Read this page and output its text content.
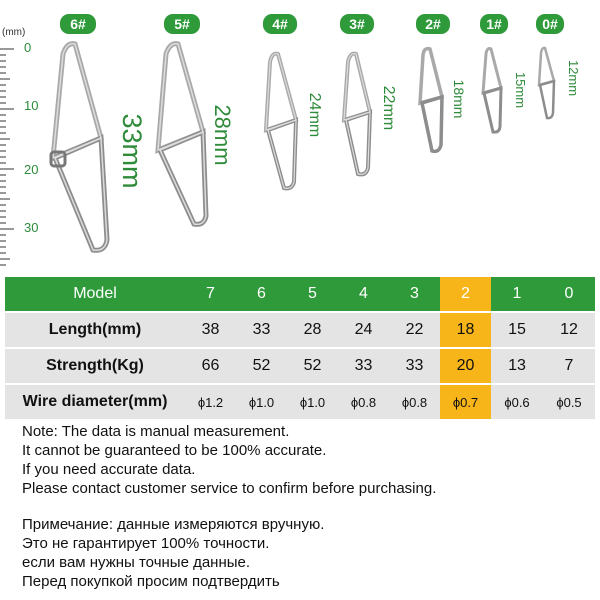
6#	5#	4#	3#	2#	1#	0#
(mm)
0
10
20
30
33mm	28mm	24mm	22mm	18mm	15mm	12mm
Model	7	6	5	4	3	2	1	0
Length(mm)	38	33	28	24	22	18	15	12
Strength(Kg)	66	52	52	33	33	20	13	7
Wire diameter(mm)	ϕ1.2	ϕ1.0	ϕ1.0	ϕ0.8	ϕ0.8	ϕ0.7	ϕ0.6	ϕ0.5
Note: The data is manual measurement.
It cannot be guaranteed to be 100% accurate.
If you need accurate data.
Please contact customer service to confirm before purchasing.
Примечание: данные измеряются вручную.
Это не гарантирует 100% точности.
если вам нужны точные данные.
Перед покупкой просим подтвердить
